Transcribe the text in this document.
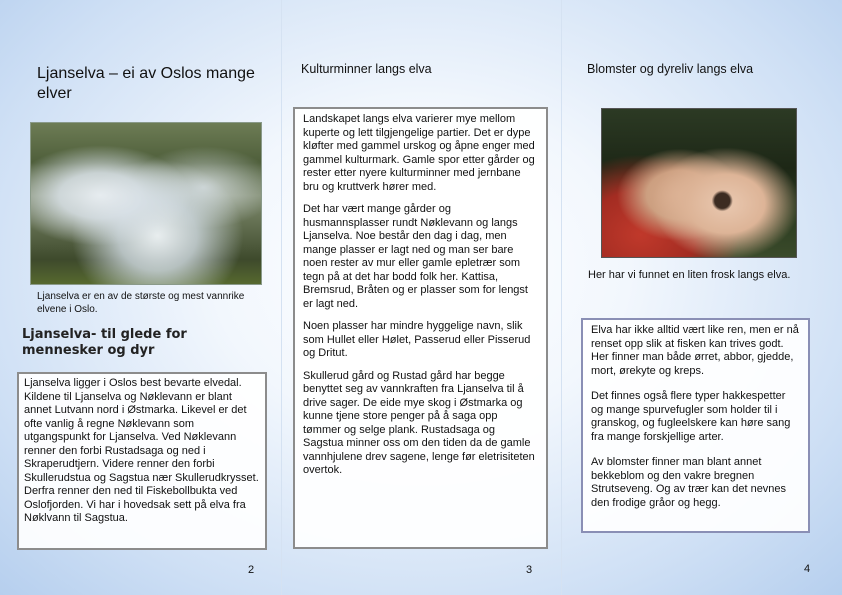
Ljanselva – ei av Oslos mange elver
Ljanselva er en av de største og mest vannrike elvene i Oslo.
Ljanselva- til glede for mennesker og dyr
Ljanselva ligger i Oslos best bevarte elvedal. Kildene til Ljanselva og Nøklevann er blant annet Lutvann nord i Østmarka. Likevel er det ofte vanlig å regne Nøklevann som utgangspunkt for Ljanselva. Ved Nøklevann renner den forbi Rustadsaga og ned i Skraperudtjern. Videre renner den forbi Skullerudstua og Sagstua nær Skullerudkrysset. Derfra renner den ned til Fiskebollbukta ved Oslofjorden. Vi har i hovedsak sett på elva fra Nøklvann til Sagstua.
2
Kulturminner langs elva

Landskapet langs elva varierer mye mellom kuperte og lett tilgjengelige partier. Det er dype kløfter med gammel urskog og åpne enger med gammel kulturmark. Gamle spor etter gårder og rester etter nyere kulturminner med jernbane bru og kruttverk hører med.

Det har vært mange gårder og husmannsplasser rundt Nøklevann og langs Ljanselva. Noe består den dag i dag, men mange plasser er lagt ned og man ser bare noen rester av mur eller gamle epletrær som tegn på at det har bodd folk her. Kattisa, Bremsrud, Bråten og er plasser som for lengst er lagt ned.

Noen plasser har mindre hyggelige navn, slik som Hullet eller Hølet, Passerud eller Pisserud og Dritut.

Skullerud gård og Rustad gård har begge benyttet seg av vannkraften fra Ljanselva til å drive sager. De eide mye skog i Østmarka og kunne tjene store penger på å saga opp tømmer og selge plank. Rustadsaga og Sagstua minner oss om den tiden da de gamle vannhjulene drev sagene, lenge før eletrisiteten overtok.

3
Blomster og dyreliv langs elva
Her har vi funnet en liten frosk langs elva.

Elva har ikke alltid vært like ren, men er nå renset opp slik at fisken kan trives godt. Her finner man både ørret, abbor, gjedde, mort, ørekyte og kreps.

Det finnes også flere typer hakkespetter og mange spurvefugler som holder til i granskog, og fugleelskere kan høre sang fra mange forskjellige arter.

Av blomster finner man blant annet bekkeblom og den vakre bregnen Strutseveng. Og av trær kan det nevnes den frodige gråor og hegg.

4
